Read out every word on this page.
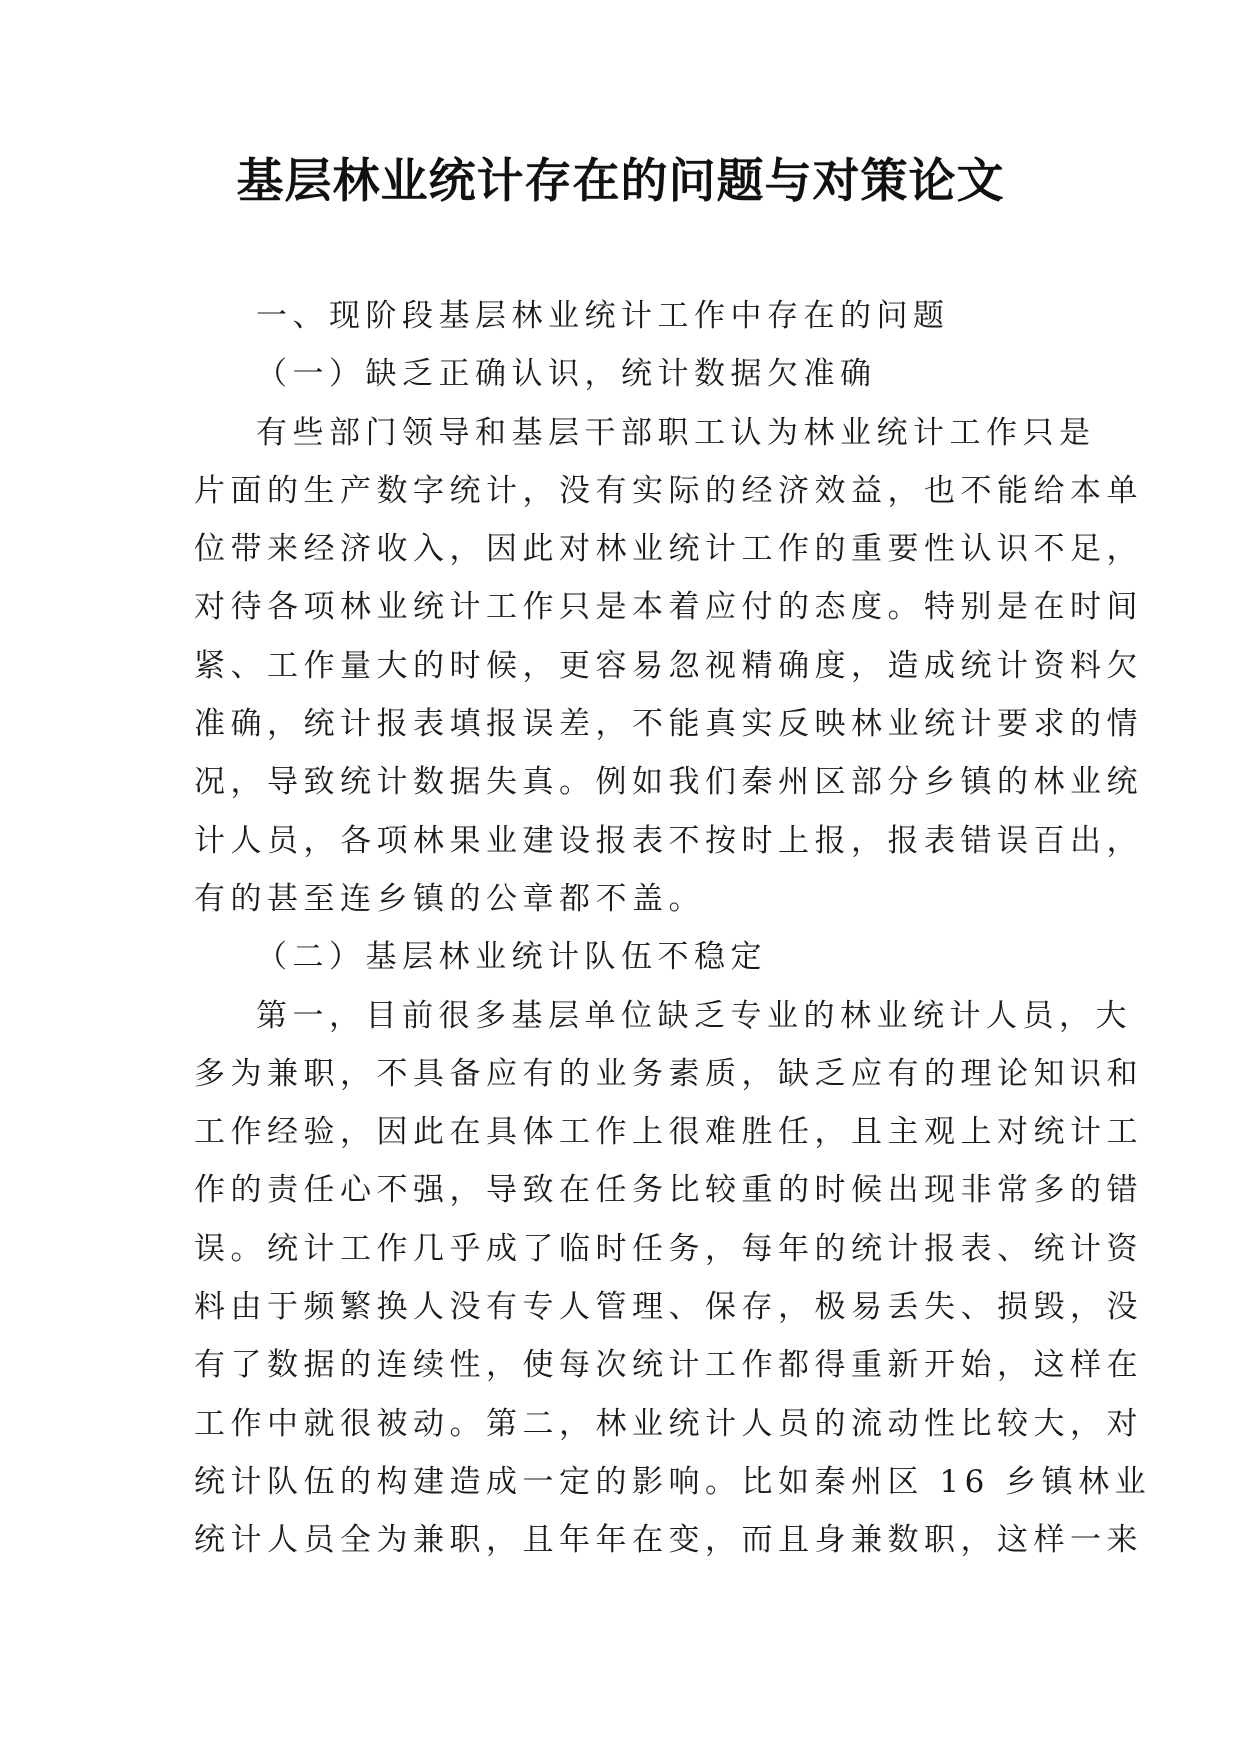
基层林业统计存在的问题与对策论文

一、现阶段基层林业统计工作中存在的问题

（一）缺乏正确认识，统计数据欠准确

有些部门领导和基层干部职工认为林业统计工作只是
片面的生产数字统计，没有实际的经济效益，也不能给本单
位带来经济收入，因此对林业统计工作的重要性认识不足，
对待各项林业统计工作只是本着应付的态度。特别是在时间
紧、工作量大的时候，更容易忽视精确度，造成统计资料欠
准确，统计报表填报误差，不能真实反映林业统计要求的情
况，导致统计数据失真。例如我们秦州区部分乡镇的林业统
计人员，各项林果业建设报表不按时上报，报表错误百出，
有的甚至连乡镇的公章都不盖。

（二）基层林业统计队伍不稳定

第一，目前很多基层单位缺乏专业的林业统计人员，大
多为兼职，不具备应有的业务素质，缺乏应有的理论知识和
工作经验，因此在具体工作上很难胜任，且主观上对统计工
作的责任心不强，导致在任务比较重的时候出现非常多的错
误。统计工作几乎成了临时任务，每年的统计报表、统计资
料由于频繁换人没有专人管理、保存，极易丢失、损毁，没
有了数据的连续性，使每次统计工作都得重新开始，这样在
工作中就很被动。第二，林业统计人员的流动性比较大，对
统计队伍的构建造成一定的影响。比如秦州区 16 乡镇林业
统计人员全为兼职，且年年在变，而且身兼数职，这样一来
